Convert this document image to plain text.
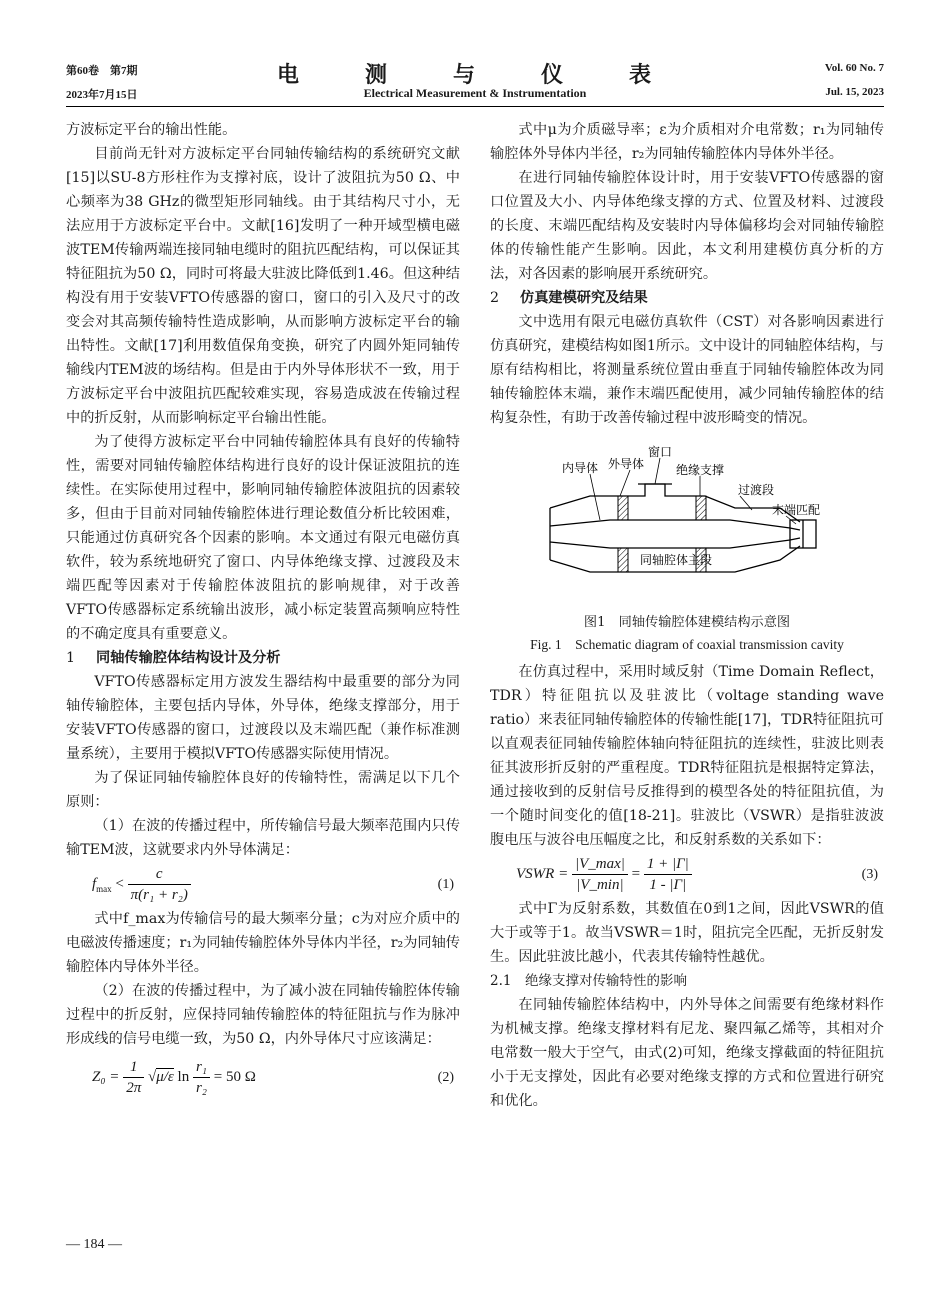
第60卷　第7期
2023年7月15日
电　测　与　仪　表
Electrical Measurement & Instrumentation
Vol. 60 No. 7
Jul. 15, 2023

方波标定平台的输出性能。

目前尚无针对方波标定平台同轴传输结构的系统研究文献[15]以SU-8方形柱作为支撑衬底，设计了波阻抗为50 Ω、中心频率为38 GHz的微型矩形同轴线。由于其结构尺寸小，无法应用于方波标定平台中。文献[16]发明了一种开域型横电磁波TEM传输两端连接同轴电缆时的阻抗匹配结构，可以保证其特征阻抗为50 Ω，同时可将最大驻波比降低到1.46。但这种结构没有用于安装VFTO传感器的窗口，窗口的引入及尺寸的改变会对其高频传输特性造成影响，从而影响方波标定平台的输出特性。文献[17]利用数值保角变换，研究了内圆外矩同轴传输线内TEM波的场结构。但是由于内外导体形状不一致，用于方波标定平台中波阻抗匹配较难实现，容易造成波在传输过程中的折反射，从而影响标定平台输出性能。

为了使得方波标定平台中同轴传输腔体具有良好的传输特性，需要对同轴传输腔体结构进行良好的设计保证波阻抗的连续性。在实际使用过程中，影响同轴传输腔体波阻抗的因素较多，但由于目前对同轴传输腔体进行理论数值分析比较困难，只能通过仿真研究各个因素的影响。本文通过有限元电磁仿真软件，较为系统地研究了窗口、内导体绝缘支撑、过渡段及末端匹配等因素对于传输腔体波阻抗的影响规律，对于改善VFTO传感器标定系统输出波形，减小标定装置高频响应特性的不确定度具有重要意义。

1 同轴传输腔体结构设计及分析

VFTO传感器标定用方波发生器结构中最重要的部分为同轴传输腔体，主要包括内导体，外导体，绝缘支撑部分，用于安装VFTO传感器的窗口，过渡段以及末端匹配（兼作标准测量系统），主要用于模拟VFTO传感器实际使用情况。

为了保证同轴传输腔体良好的传输特性，需满足以下几个原则：

（1）在波的传播过程中，所传输信号最大频率范围内只传输TEM波，这就要求内外导体满足：

$f_{max} < \frac{c}{\text{π(r₁ + r₂)}}$	(1)

式中f_max为传输信号的最大频率分量；c为对应介质中的电磁波传播速度；r₁为同轴传输腔体外导体内半径，r₂为同轴传输腔体内导体外半径。

（2）在波的传播过程中，为了减小波在同轴传输腔体传输过程中的折反射，应保持同轴传输腔体的特征阻抗与作为脉冲形成线的信号电缆一致，为50 Ω，内外导体尺寸应该满足：

$Z_0 = \frac{1}{2\pi} √\mu/\varepsilon$ $\ln \frac{\text{r₁}}{\text{r₂}} = 50$ Ω	(2)

式中μ为介质磁导率；ε为介质相对介电常数；r₁为同轴传输腔体外导体内半径，r₂为同轴传输腔体内导体外半径。

在进行同轴传输腔体设计时，用于安装VFTO传感器的窗口位置及大小、内导体绝缘支撑的方式、位置及材料、过渡段的长度、末端匹配结构及安装时内导体偏移均会对同轴传输腔体的传输性能产生影响。因此，本文利用建模仿真分析的方法，对各因素的影响展开系统研究。

2 仿真建模研究及结果

文中选用有限元电磁仿真软件（CST）对各影响因素进行仿真研究，建模结构如图1所示。文中设计的同轴腔体结构，与原有结构相比，将测量系统位置由垂直于同轴传输腔体改为同轴传输腔体末端，兼作末端匹配使用，减少同轴传输腔体的结构复杂性，有助于改善传输过程中波形畸变的情况。

内导体 外导体
窗口
绝缘支撑
过渡段
末端匹配
同轴腔体主段
图1　同轴传输腔体建模结构示意图
Fig. 1　Schematic diagram of coaxial transmission cavity

在仿真过程中，采用时域反射（Time Domain Reflect，TDR）特征阻抗以及驻波比（voltage standing wave ratio）来表征同轴传输腔体的传输性能[17]，TDR特征阻抗可以直观表征同轴传输腔体轴向特征阻抗的连续性，驻波比则表征其波形折反射的严重程度。TDR特征阻抗是根据特定算法，通过接收到的反射信号反推得到的模型各处的特征阻抗值，为一个随时间变化的值[18-21]。驻波比（VSWR）是指驻波波腹电压与波谷电压幅度之比，和反射系数的关系如下：

VSWR = $\frac{|V\_\max|}{|V\_\min|} = \frac{1 + |\Gamma|}{1 - |\Gamma|}$	(3)

式中Γ为反射系数，其数值在0到1之间，因此VSWR的值大于或等于1。故当VSWR＝1时，阻抗完全匹配，无折反射发生。因此驻波比越小，代表其传输特性越优。

2.1　绝缘支撑对传输特性的影响

在同轴传输腔体结构中，内外导体之间需要有绝缘材料作为机械支撑。绝缘支撑材料有尼龙、聚四氟乙烯等，其相对介电常数一般大于空气，由式(2)可知，绝缘支撑截面的特征阻抗小于无支撑处，因此有必要对绝缘支撑的方式和位置进行研究和优化。

— 184 —
